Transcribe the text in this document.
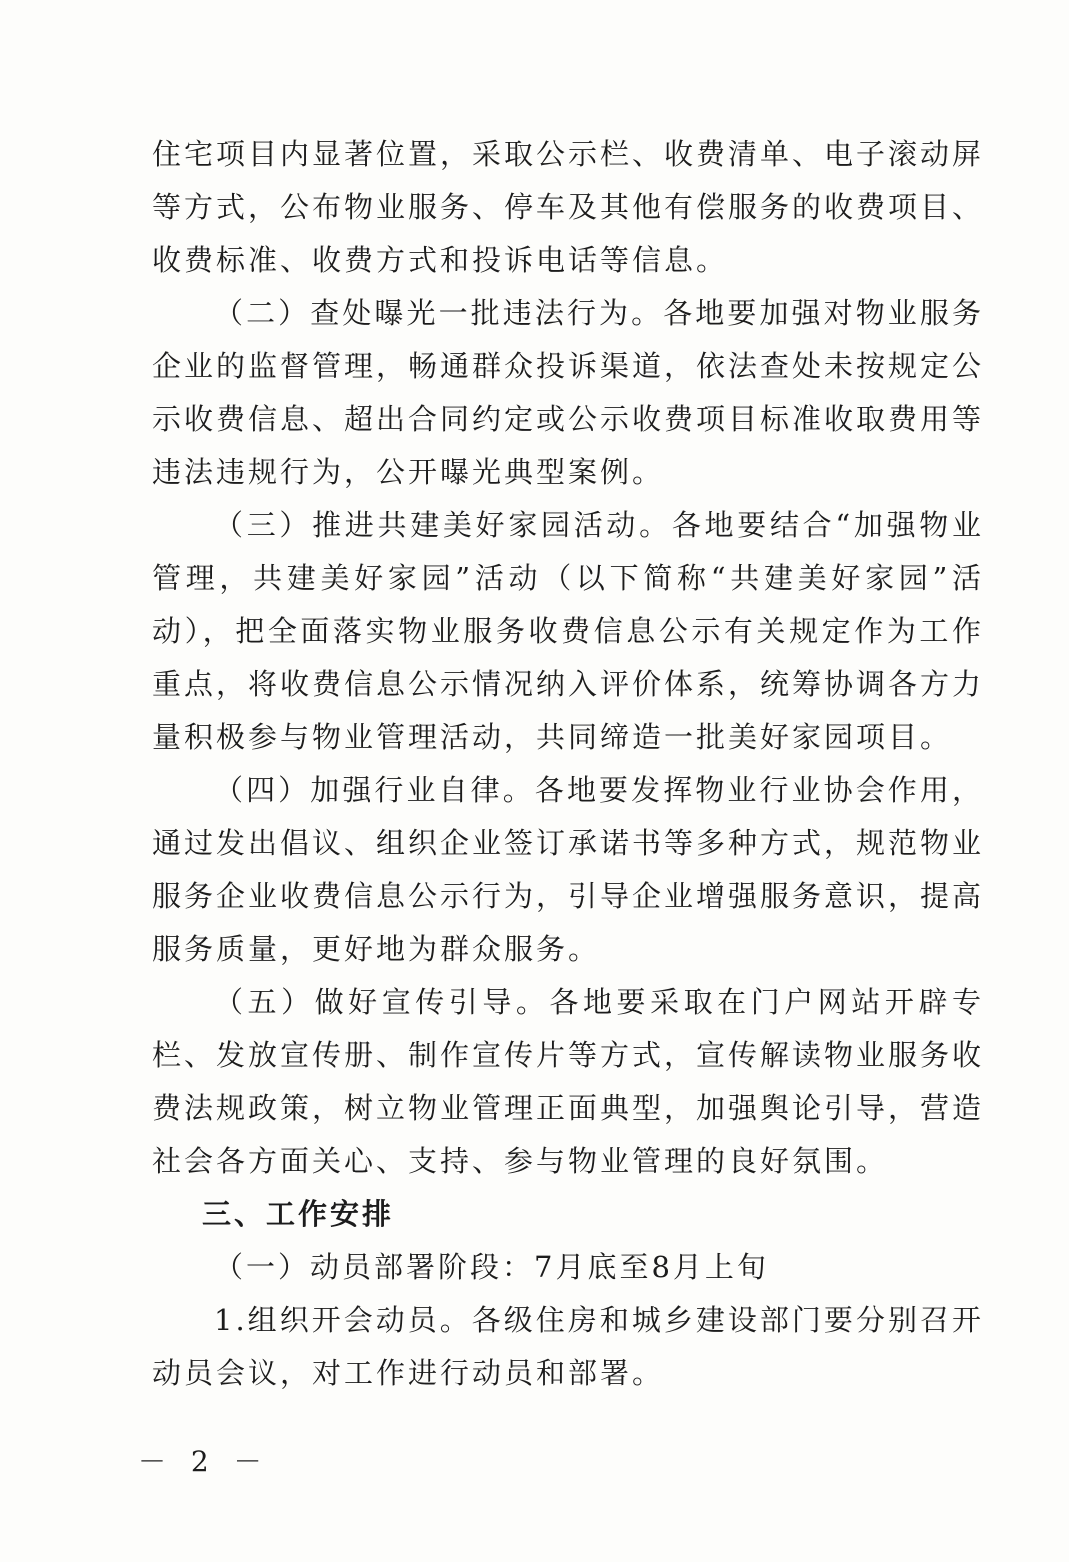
住宅项目内显著位置，采取公示栏、收费清单、电子滚动屏等方式，公布物业服务、停车及其他有偿服务的收费项目、收费标准、收费方式和投诉电话等信息。

（二）查处曝光一批违法行为。各地要加强对物业服务企业的监督管理，畅通群众投诉渠道，依法查处未按规定公示收费信息、超出合同约定或公示收费项目标准收取费用等违法违规行为，公开曝光典型案例。

（三）推进共建美好家园活动。各地要结合“加强物业管理，共建美好家园”活动（以下简称“共建美好家园”活动），把全面落实物业服务收费信息公示有关规定作为工作重点，将收费信息公示情况纳入评价体系，统筹协调各方力量积极参与物业管理活动，共同缔造一批美好家园项目。

（四）加强行业自律。各地要发挥物业行业协会作用，通过发出倡议、组织企业签订承诺书等多种方式，规范物业服务企业收费信息公示行为，引导企业增强服务意识，提高服务质量，更好地为群众服务。

（五）做好宣传引导。各地要采取在门户网站开辟专栏、发放宣传册、制作宣传片等方式，宣传解读物业服务收费法规政策，树立物业管理正面典型，加强舆论引导，营造社会各方面关心、支持、参与物业管理的良好氛围。

三、工作安排

（一）动员部署阶段：7月底至8月上旬

1.组织开会动员。各级住房和城乡建设部门要分别召开动员会议，对工作进行动员和部署。

－ 2 －
